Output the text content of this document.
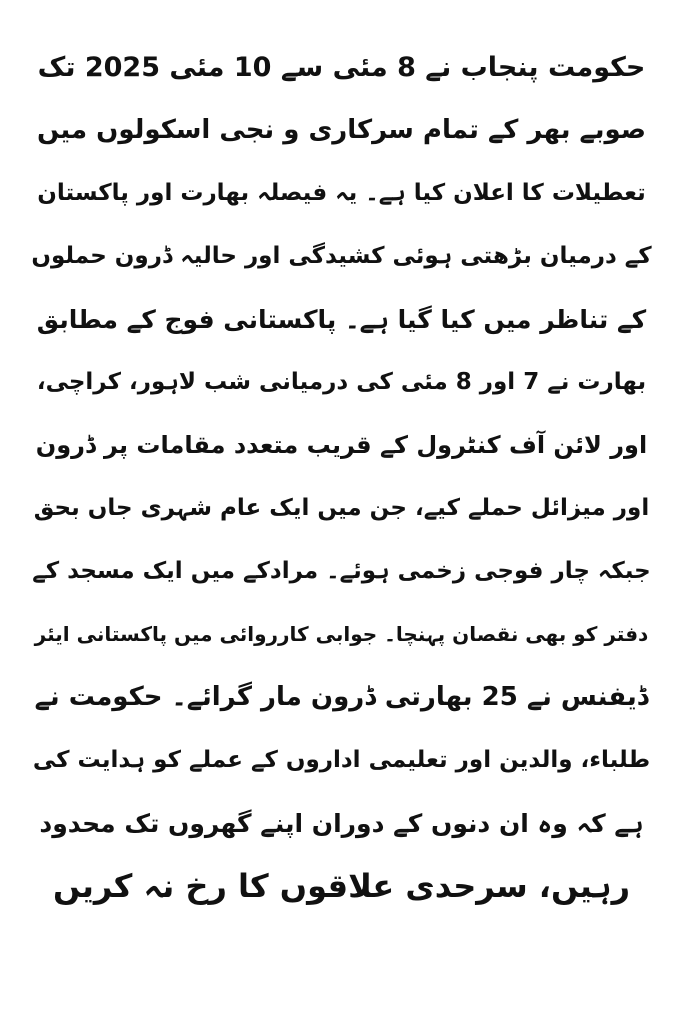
حکومت پنجاب نے 8 مئی سے 10 مئی 2025 تک
صوبے بھر کے تمام سرکاری و نجی اسکولوں میں
تعطیلات کا اعلان کیا ہے۔ یہ فیصلہ بھارت اور پاکستان
کے درمیان بڑھتی ہوئی کشیدگی اور حالیہ ڈرون حملوں
کے تناظر میں کیا گیا ہے۔ پاکستانی فوج کے مطابق
بھارت نے 7 اور 8 مئی کی درمیانی شب لاہور، کراچی،
اور لائن آف کنٹرول کے قریب متعدد مقامات پر ڈرون
اور میزائل حملے کیے، جن میں ایک عام شہری جاں بحق
جبکہ چار فوجی زخمی ہوئے۔ مرادکے میں ایک مسجد کے
دفتر کو بھی نقصان پہنچا۔ جوابی کارروائی میں پاکستانی ایئر
ڈیفنس نے 25 بھارتی ڈرون مار گرائے۔ حکومت نے
طلباء، والدین اور تعلیمی اداروں کے عملے کو ہدایت کی
ہے کہ وہ ان دنوں کے دوران اپنے گھروں تک محدود
رہیں، سرحدی علاقوں کا رخ نہ کریں
